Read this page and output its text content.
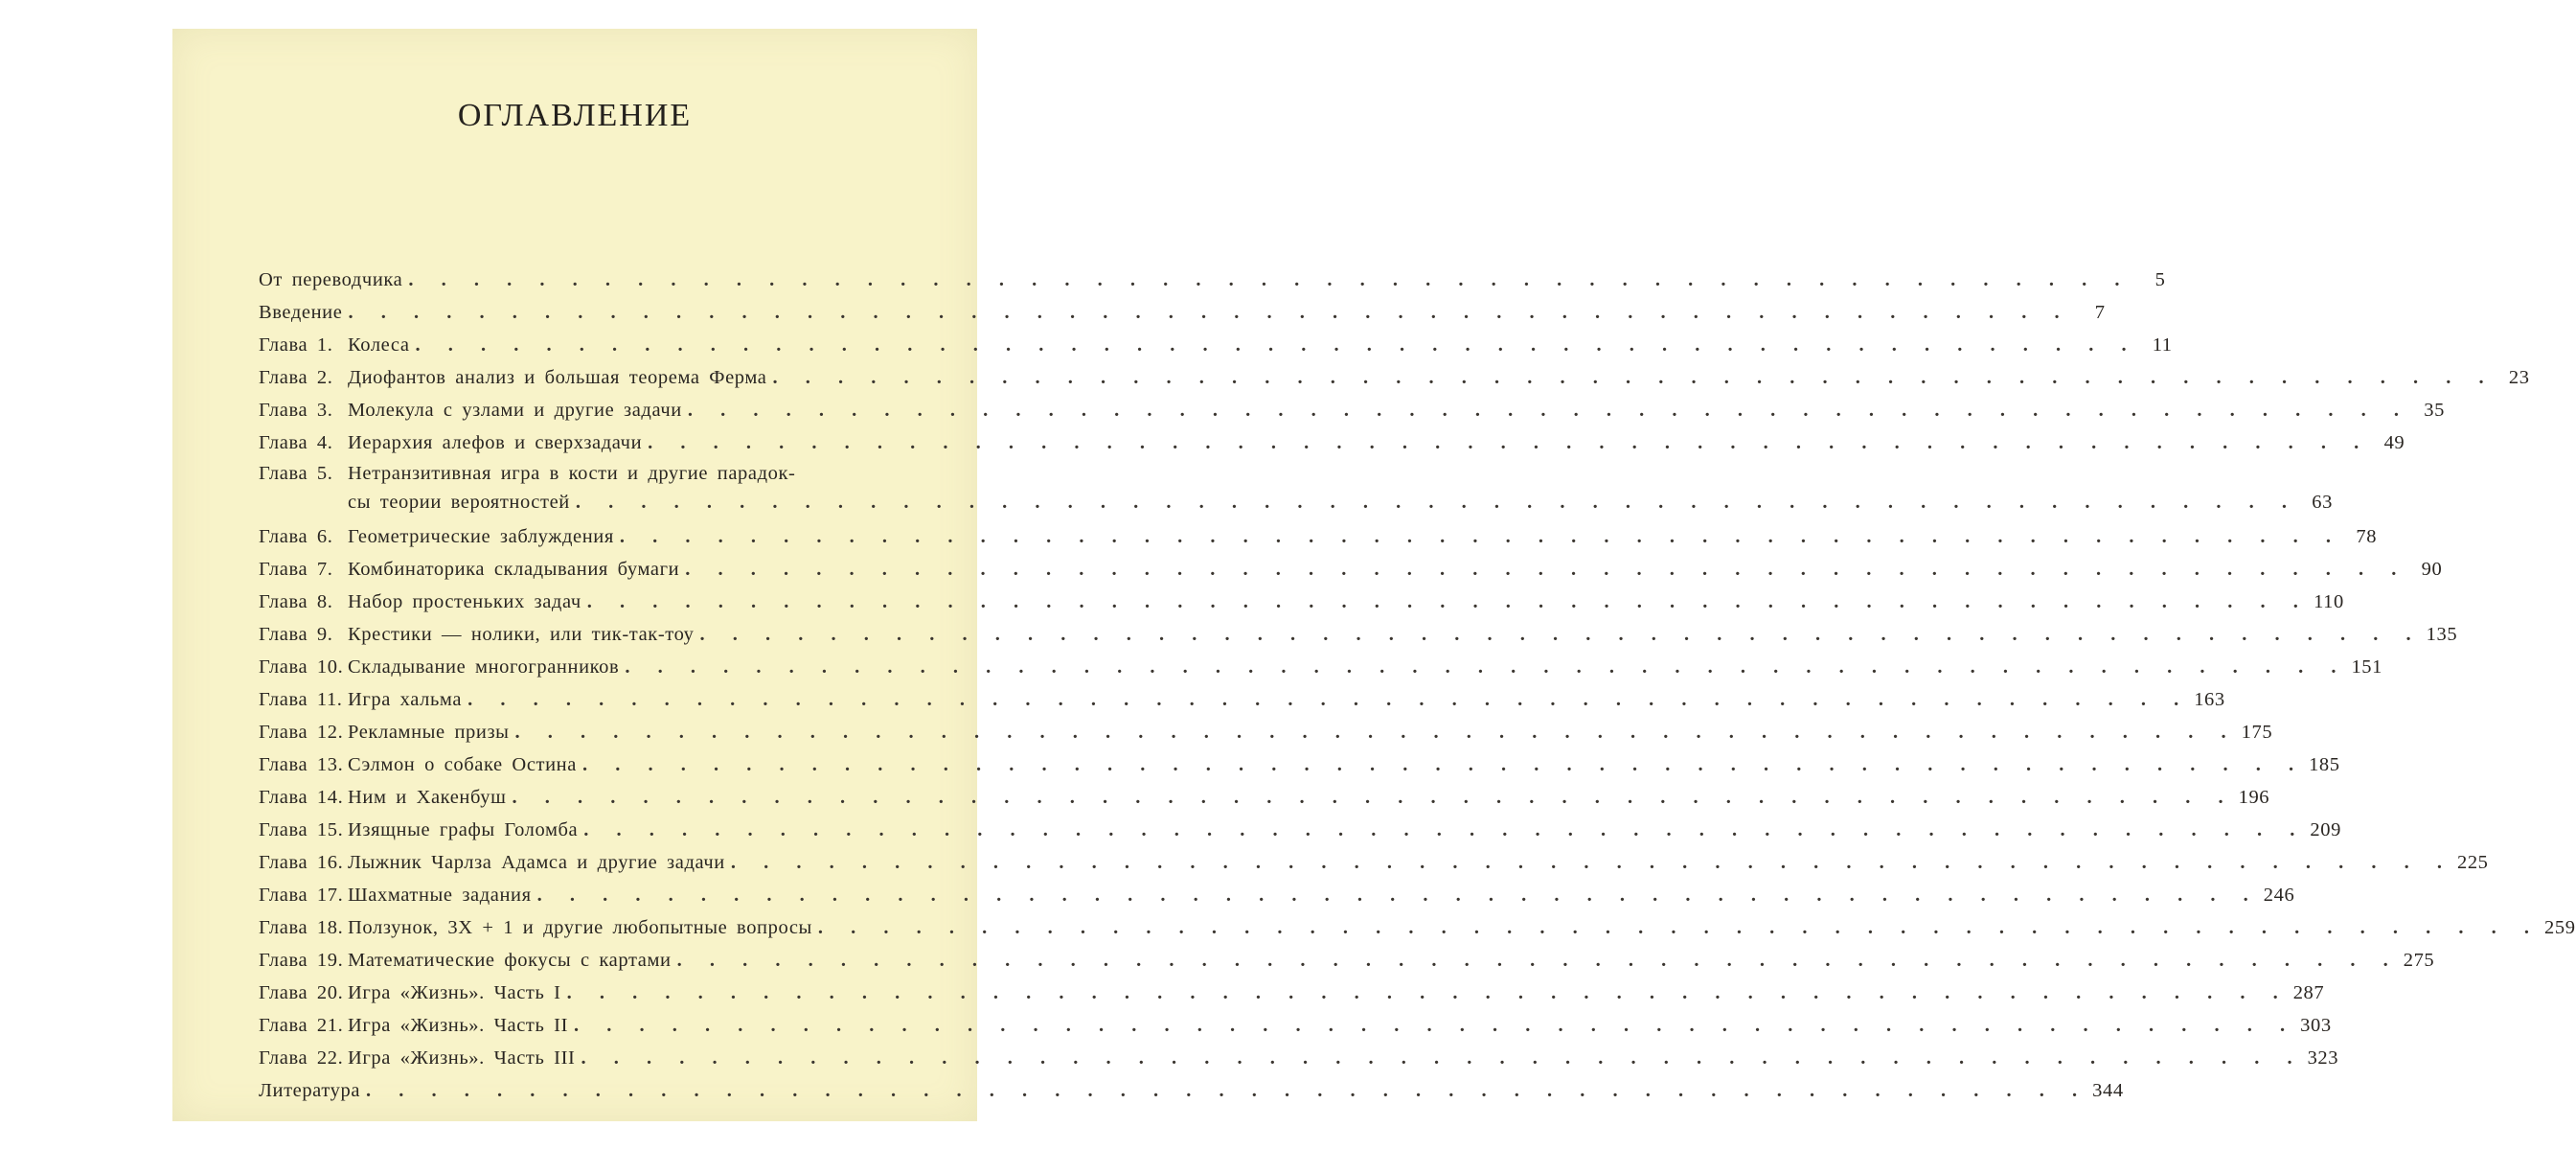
ОГЛАВЛЕНИЕ
От переводчика . . . . . . . . . . . . . . . . . . . . . . . . . . . . . . . . . . . . . . . . . . . . . . . . . . . . .	5
Введение . . . . . . . . . . . . . . . . . . . . . . . . . . . . . . . . . . . . . . . . . . . . . . . . . . . . .	7
Глава 1. Колеса . . . . . . . . . . . . . . . . . . . . . . . . . . . . . . . . . . . . . . . . . . . . . . . . . . . . . 11
Глава 2. Диофантов анализ и большая теорема Ферма . . . . . . . . . . . . . . . . . . . . . . . . . . . . . . . . . . . . . . . . . . . . . . . . . . . . . 23
Глава 3. Молекула с узлами и другие задачи . . . . . . . . . . . . . . . . . . . . . . . . . . . . . . . . . . . . . . . . . . . . . . . . . . . . . 35
Глава 4. Иерархия алефов и сверхзадачи . . . . . . . . . . . . . . . . . . . . . . . . . . . . . . . . . . . . . . . . . . . . . . . . . . . . . 49
Глава 5. Нетранзитивная игра в кости и другие парадок-
сы теории вероятностей . . . . . . . . . . . . . . . . . . . . . . . . . . . . . . . . . . . . . . . . . . . . . . . . . . . . . 63
Глава 6. Геометрические заблуждения . . . . . . . . . . . . . . . . . . . . . . . . . . . . . . . . . . . . . . . . . . . . . . . . . . . . . 78
Глава 7. Комбинаторика складывания бумаги . . . . . . . . . . . . . . . . . . . . . . . . . . . . . . . . . . . . . . . . . . . . . . . . . . . . . 90
Глава 8. Набор простеньких задач . . . . . . . . . . . . . . . . . . . . . . . . . . . . . . . . . . . . . . . . . . . . . . . . . . . . . 110
Глава 9. Крестики — нолики, или тик-так-тоу . . . . . . . . . . . . . . . . . . . . . . . . . . . . . . . . . . . . . . . . . . . . . . . . . . . . . 135
Глава 10. Складывание многогранников . . . . . . . . . . . . . . . . . . . . . . . . . . . . . . . . . . . . . . . . . . . . . . . . . . . . . 151
Глава 11. Игра хальма . . . . . . . . . . . . . . . . . . . . . . . . . . . . . . . . . . . . . . . . . . . . . . . . . . . . . 163
Глава 12. Рекламные призы . . . . . . . . . . . . . . . . . . . . . . . . . . . . . . . . . . . . . . . . . . . . . . . . . . . . . 175
Глава 13. Сэлмон о собаке Остина . . . . . . . . . . . . . . . . . . . . . . . . . . . . . . . . . . . . . . . . . . . . . . . . . . . . . 185
Глава 14. Ним и Хакенбуш . . . . . . . . . . . . . . . . . . . . . . . . . . . . . . . . . . . . . . . . . . . . . . . . . . . . . 196
Глава 15. Изящные графы Голомба . . . . . . . . . . . . . . . . . . . . . . . . . . . . . . . . . . . . . . . . . . . . . . . . . . . . . 209
Глава 16. Лыжник Чарлза Адамса и другие задачи . . . . . . . . . . . . . . . . . . . . . . . . . . . . . . . . . . . . . . . . . . . . . . . . . . . . . 225
Глава 17. Шахматные задания . . . . . . . . . . . . . . . . . . . . . . . . . . . . . . . . . . . . . . . . . . . . . . . . . . . . . 246
Глава 18. Ползунок, 3X + 1 и другие любопытные вопросы . . . . . . . . . . . . . . . . . . . . . . . . . . . . . . . . . . . . . . . . . . . . . . . . . . . . . 259
Глава 19. Математические фокусы с картами . . . . . . . . . . . . . . . . . . . . . . . . . . . . . . . . . . . . . . . . . . . . . . . . . . . . . 275
Глава 20. Игра «Жизнь». Часть I . . . . . . . . . . . . . . . . . . . . . . . . . . . . . . . . . . . . . . . . . . . . . . . . . . . . . 287
Глава 21. Игра «Жизнь». Часть II . . . . . . . . . . . . . . . . . . . . . . . . . . . . . . . . . . . . . . . . . . . . . . . . . . . . . 303
Глава 22. Игра «Жизнь». Часть III . . . . . . . . . . . . . . . . . . . . . . . . . . . . . . . . . . . . . . . . . . . . . . . . . . . . . 323
Литература . . . . . . . . . . . . . . . . . . . . . . . . . . . . . . . . . . . . . . . . . . . . . . . . . . . . . 344
